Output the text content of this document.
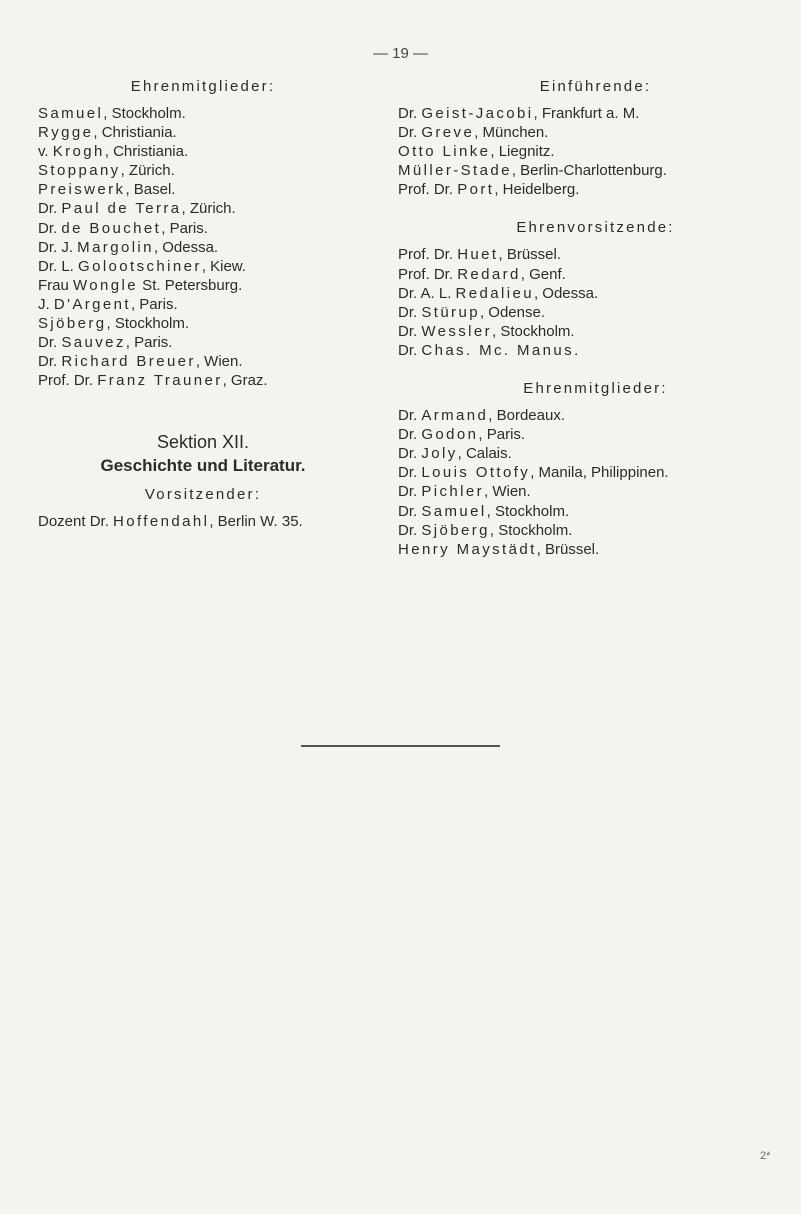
— 19 —
Ehrenmitglieder:
Samuel, Stockholm.
Rygge, Christiania.
v. Krogh, Christiania.
Stoppany, Zürich.
Preiswerk, Basel.
Dr. Paul de Terra, Zürich.
Dr. de Bouchet, Paris.
Dr. J. Margolin, Odessa.
Dr. L. Golootschiner, Kiew.
Frau Wongle St. Petersburg.
J. D'Argent, Paris.
Sjöberg, Stockholm.
Dr. Sauvez, Paris.
Dr. Richard Breuer, Wien.
Prof. Dr. Franz Trauner, Graz.
Sektion XII.
Geschichte und Literatur.
Vorsitzender:
Dozent Dr. Hoffendahl, Berlin W. 35.
Einführende:
Dr. Geist-Jacobi, Frankfurt a. M.
Dr. Greve, München.
Otto Linke, Liegnitz.
Müller-Stade, Berlin-Charlottenburg.
Prof. Dr. Port, Heidelberg.
Ehrenvorsitzende:
Prof. Dr. Huet, Brüssel.
Prof. Dr. Redard, Genf.
Dr. A. L. Redalieu, Odessa.
Dr. Stürup, Odense.
Dr. Wessler, Stockholm.
Dr. Chas. Mc. Manus.
Ehrenmitglieder:
Dr. Armand, Bordeaux.
Dr. Godon, Paris.
Dr. Joly, Calais.
Dr. Louis Ottofy, Manila, Philippinen.
Dr. Pichler, Wien.
Dr. Samuel, Stockholm.
Dr. Sjöberg, Stockholm.
Henry Maystädt, Brüssel.
2*
